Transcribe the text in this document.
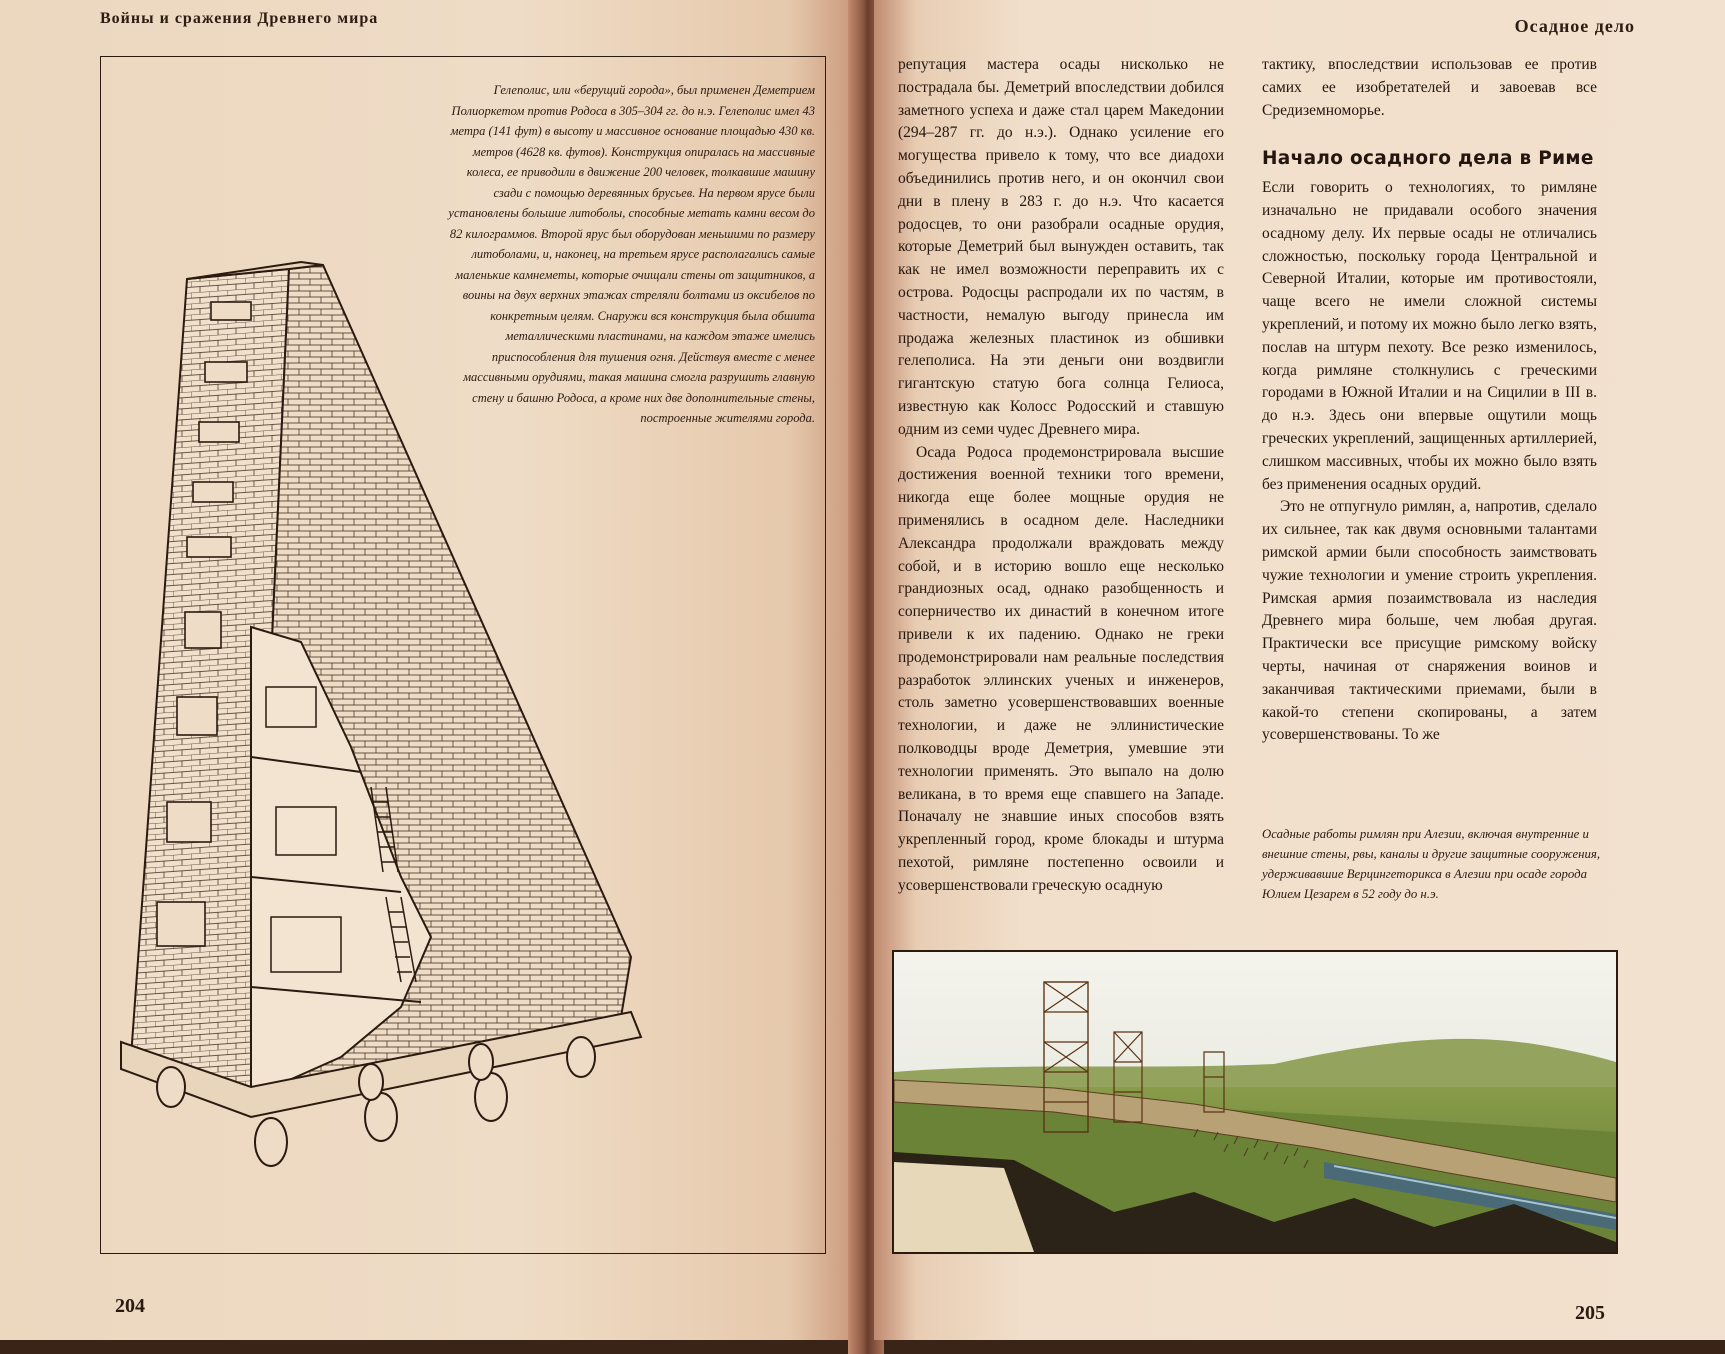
Войны и сражения Древнего мира
Гелеполис, или «берущий города», был применен Деметрием Полиоркетом против Родоса в 305–304 гг. до н.э. Гелеполис имел 43 метра (141 фут) в высоту и массивное основание площадью 430 кв. метров (4628 кв. футов). Конструкция опиралась на массивные колеса, ее приводили в движение 200 человек, толкавшие машину сзади с помощью деревянных брусьев. На первом ярусе были установлены большие литоболы, способные метать камни весом до 82 килограммов. Второй ярус был оборудован меньшими по размеру литоболами, и, наконец, на третьем ярусе располагались самые маленькие камнеметы, которые очищали стены от защитников, а воины на двух верхних этажах стреляли болтами из оксибелов по конкретным целям. Снаружи вся конструкция была обшита металлическими пластинами, на каждом этаже имелись приспособления для тушения огня. Действуя вместе с менее массивными орудиями, такая машина смогла разрушить главную стену и башню Родоса, а кроме них две дополнительные стены, построенные жителями города.
204
Осадное дело

репутация мастера осады нисколько не пострадала бы. Деметрий впоследствии добился заметного успеха и даже стал царем Македонии (294–287 гг. до н.э.). Однако усиление его могущества привело к тому, что все диадохи объединились против него, и он окончил свои дни в плену в 283 г. до н.э. Что касается родосцев, то они разобрали осадные орудия, которые Деметрий был вынужден оставить, так как не имел возможности переправить их с острова. Родосцы распродали их по частям, в частности, немалую выгоду принесла им продажа железных пластинок из обшивки гелеполиса. На эти деньги они воздвигли гигантскую статую бога солнца Гелиоса, известную как Колосс Родосский и ставшую одним из семи чудес Древнего мира.

Осада Родоса продемонстрировала высшие достижения военной техники того времени, никогда еще более мощные орудия не применялись в осадном деле. Наследники Александра продолжали враждовать между собой, и в историю вошло еще несколько грандиозных осад, однако разобщенность и соперничество их династий в конечном итоге привели к их падению. Однако не греки продемонстрировали нам реальные последствия разработок эллинских ученых и инженеров, столь заметно усовершенствовавших военные технологии, и даже не эллинистические полководцы вроде Деметрия, умевшие эти технологии применять. Это выпало на долю великана, в то время еще спавшего на Западе. Поначалу не знавшие иных способов взять укрепленный город, кроме блокады и штурма пехотой, римляне постепенно освоили и усовершенствовали греческую осадную

тактику, впоследствии использовав ее против самих ее изобретателей и завоевав все Средиземноморье.

Начало осадного дела в Риме

Если говорить о технологиях, то римляне изначально не придавали особого значения осадному делу. Их первые осады не отличались сложностью, поскольку города Центральной и Северной Италии, которые им противостояли, чаще всего не имели сложной системы укреплений, и потому их можно было легко взять, послав на штурм пехоту. Все резко изменилось, когда римляне столкнулись с греческими городами в Южной Италии и на Сицилии в III в. до н.э. Здесь они впервые ощутили мощь греческих укреплений, защищенных артиллерией, слишком массивных, чтобы их можно было взять без применения осадных орудий.

Это не отпугнуло римлян, а, напротив, сделало их сильнее, так как двумя основными талантами римской армии были способность заимствовать чужие технологии и умение строить укрепления. Римская армия позаимствовала из наследия Древнего мира больше, чем любая другая. Практически все присущие римскому войску черты, начиная от снаряжения воинов и заканчивая тактическими приемами, были в какой-то степени скопированы, а затем усовершенствованы. То же

Осадные работы римлян при Алезии, включая внутренние и внешние стены, рвы, каналы и другие защитные сооружения, удерживавшие Верцингеторикса в Алезии при осаде города Юлием Цезарем в 52 году до н.э.
205
